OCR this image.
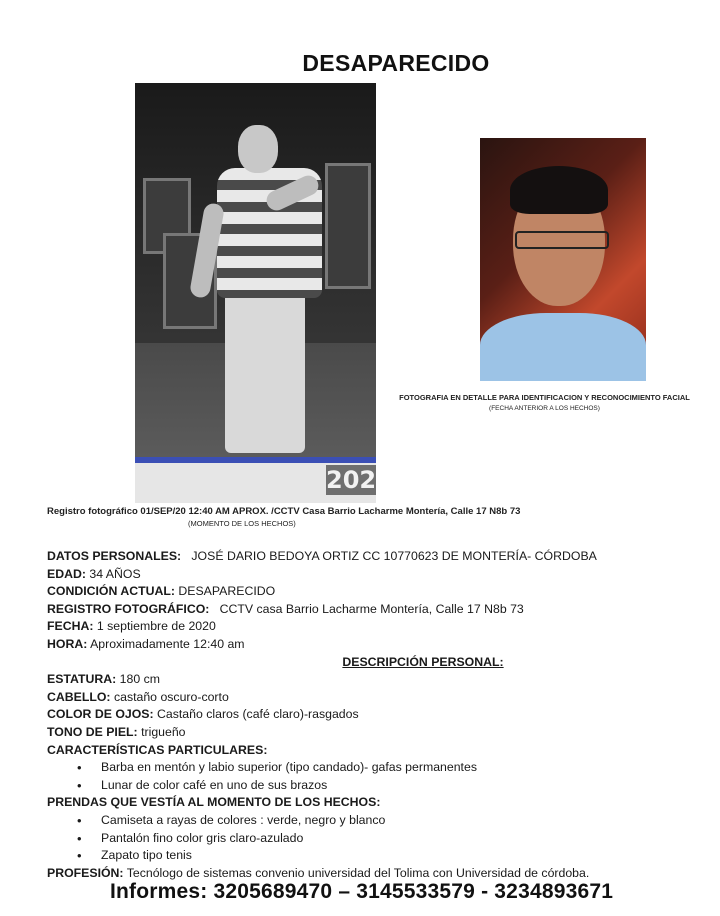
DESAPARECIDO
202
FOTOGRAFIA EN DETALLE PARA IDENTIFICACION Y RECONOCIMIENTO FACIAL
(FECHA ANTERIOR A LOS HECHOS)
Registro fotográfico 01/SEP/20 12:40 AM APROX. /CCTV Casa Barrio Lacharme Montería, Calle 17 N8b 73
(MOMENTO DE LOS HECHOS)
DATOS PERSONALES: JOSÉ DARIO BEDOYA ORTIZ CC 10770623 DE MONTERÍA- CÓRDOBA
EDAD: 34 AÑOS
CONDICIÓN ACTUAL: DESAPARECIDO
REGISTRO FOTOGRÁFICO: CCTV casa Barrio Lacharme Montería, Calle 17 N8b 73
FECHA: 1 septiembre de 2020
HORA: Aproximadamente 12:40 am
DESCRIPCIÓN PERSONAL:
ESTATURA: 180 cm
CABELLO: castaño oscuro-corto
COLOR DE OJOS: Castaño claros (café claro)-rasgados
TONO DE PIEL: trigueño
CARACTERÍSTICAS PARTICULARES:
• Barba en mentón y labio superior (tipo candado)- gafas permanentes
• Lunar de color café en uno de sus brazos
PRENDAS QUE VESTÍA AL MOMENTO DE LOS HECHOS:
• Camiseta a rayas de colores : verde, negro y blanco
• Pantalón fino color gris claro-azulado
• Zapato tipo tenis
PROFESIÓN: Tecnólogo de sistemas convenio universidad del Tolima con Universidad de córdoba.
Informes: 3205689470 – 3145533579 - 3234893671
